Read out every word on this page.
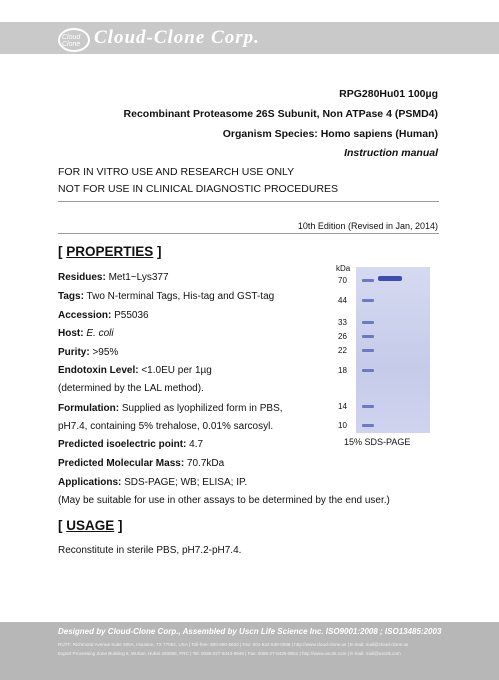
Cloud Clone Cloud-Clone Corp.
RPG280Hu01 100µg
Recombinant Proteasome 26S Subunit, Non ATPase 4 (PSMD4)
Organism Species: Homo sapiens (Human)
Instruction manual
FOR IN VITRO USE AND RESEARCH USE ONLY
NOT FOR USE IN CLINICAL DIAGNOSTIC PROCEDURES
10th Edition (Revised in Jan, 2014)
[ PROPERTIES ]
Residues: Met1~Lys377
Tags: Two N-terminal Tags, His-tag and GST-tag
Accession: P55036
Host: E. coli
Purity: >95%
Endotoxin Level: <1.0EU per 1µg
(determined by the LAL method).
Formulation: Supplied as lyophilized form in PBS,
pH7.4, containing 5% trehalose, 0.01% sarcosyl.
Predicted isoelectric point: 4.7
Predicted Molecular Mass: 70.7kDa
Applications: SDS-PAGE; WB; ELISA; IP.
(May be suitable for use in other assays to be determined by the end user.)
kDa
70
44
33
26
22
18
14
10
15% SDS-PAGE
[ USAGE ]
Reconstitute in sterile PBS, pH7.2-pH7.4.
Designed by Cloud-Clone Corp., Assembled by Uscn Life Science Inc. ISO9001:2008 ; ISO13485:2003
RUTF: Richmond Avenue Suite 300A, Houston, TX 77082, USA | Toll-free: 800-990-5620 | Fax: 001-832-538-0088 | http://www.cloud-clone.us | E-mail: mail@cloud-clone.us
Export Processing Zone Building 6, Wuhan, Hubei 430056, PRC | Tel: 0086-027-8443-8949 | Fax: 0086-27-8425-9551 | http://www.uscnk.com | E-mail: mail@uscnk.com
